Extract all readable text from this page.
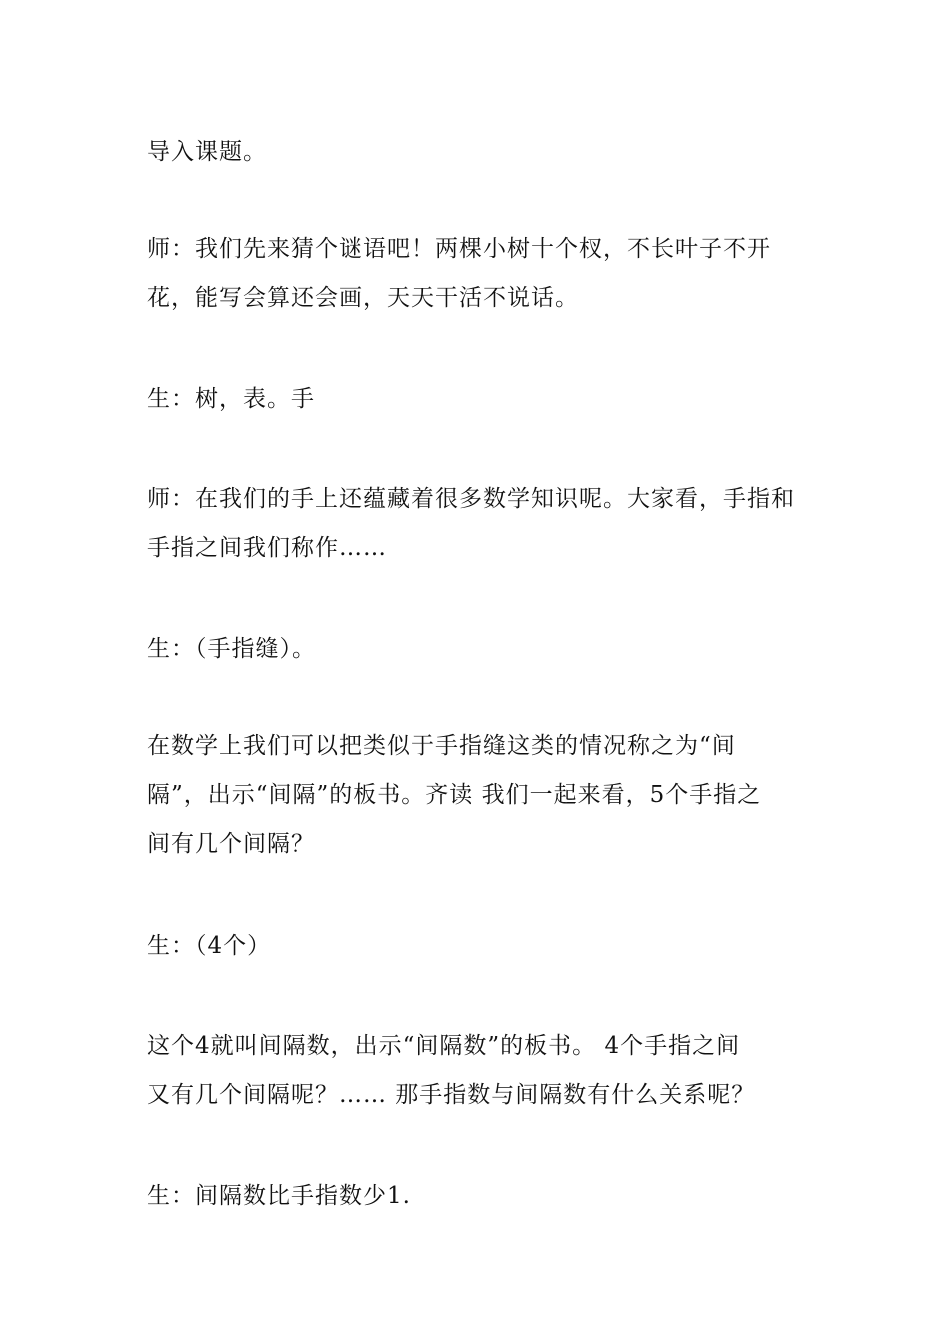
导入课题。

师：我们先来猜个谜语吧！两棵小树十个杈，不长叶子不开
花，能写会算还会画，天天干活不说话。

生：树，表。手

师：在我们的手上还蕴藏着很多数学知识呢。大家看，手指和
手指之间我们称作……

生：（手指缝）。

在数学上我们可以把类似于手指缝这类的情况称之为“间
隔”，出示“间隔”的板书。齐读 我们一起来看，5个手指之
间有几个间隔？

生：（4个）

这个4就叫间隔数，出示“间隔数”的板书。 4个手指之间
又有几个间隔呢？…… 那手指数与间隔数有什么关系呢？

生：间隔数比手指数少1.
